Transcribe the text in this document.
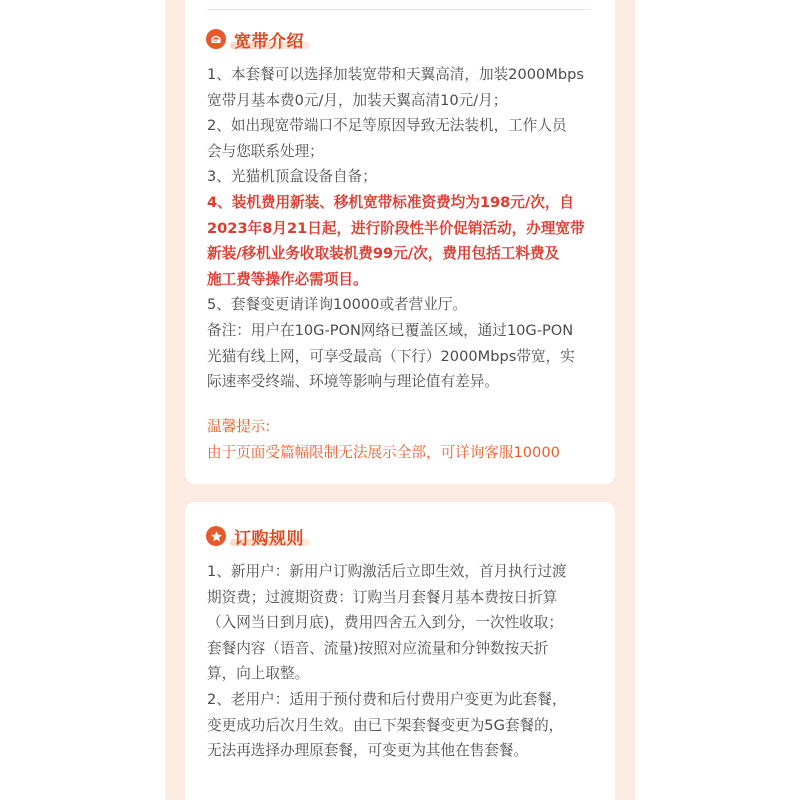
宽带介绍
1、本套餐可以选择加装宽带和天翼高清，加装2000Mbps
宽带月基本费0元/月，加装天翼高清10元/月；
2、如出现宽带端口不足等原因导致无法装机，工作人员
会与您联系处理；
3、光猫机顶盒设备自备；
4、装机费用新装、移机宽带标准资费均为198元/次，自
2023年8月21日起，进行阶段性半价促销活动，办理宽带
新装/移机业务收取装机费99元/次，费用包括工料费及
施工费等操作必需项目。
5、套餐变更请详询10000或者营业厅。
备注：用户在10G-PON网络已覆盖区域，通过10G-PON
光猫有线上网，可享受最高（下行）2000Mbps带宽，实
际速率受终端、环境等影响与理论值有差异。
温馨提示:
由于页面受篇幅限制无法展示全部，可详询客服10000
订购规则
1、新用户：新用户订购激活后立即生效，首月执行过渡
期资费；过渡期资费：订购当月套餐月基本费按日折算
（入网当日到月底)，费用四舍五入到分，一次性收取；
套餐内容（语音、流量)按照对应流量和分钟数按天折
算，向上取整。
2、老用户：适用于预付费和后付费用户变更为此套餐，
变更成功后次月生效。由已下架套餐变更为5G套餐的，
无法再选择办理原套餐，可变更为其他在售套餐。
